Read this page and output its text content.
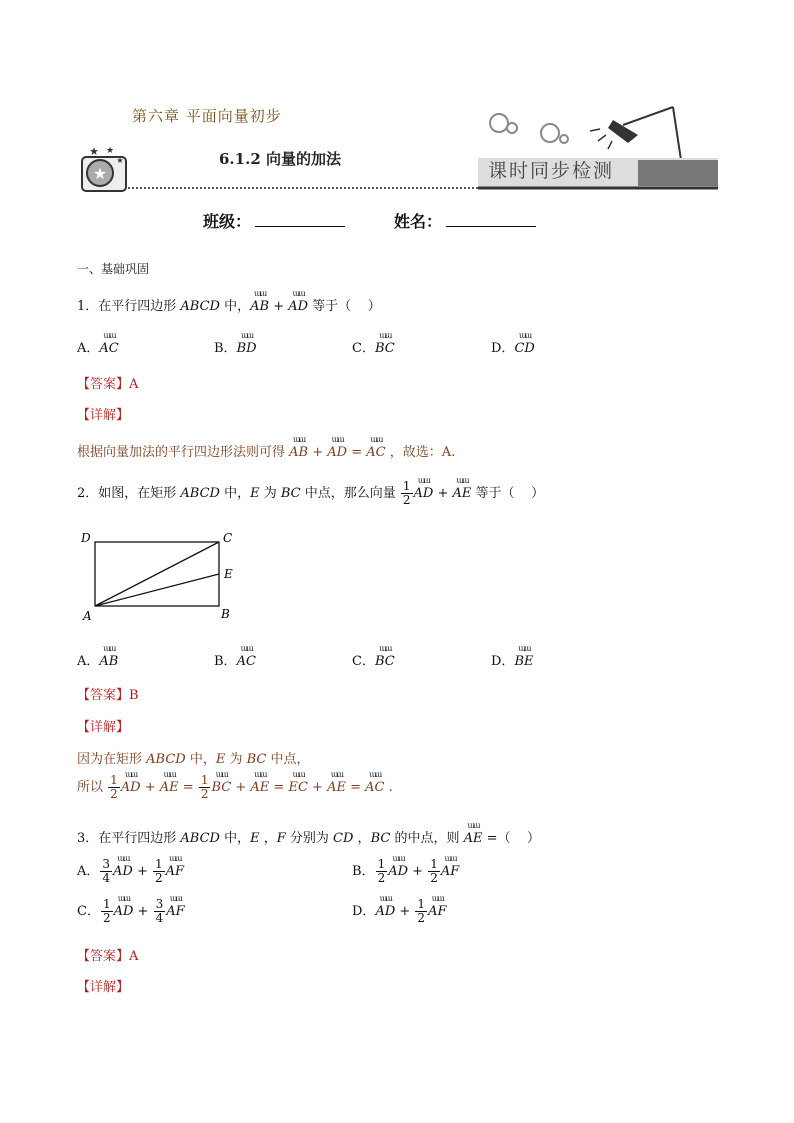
★
★ ★
★
第六章 平面向量初步
6.1.2 向量的加法
课时同步检测
班级：	姓名：
一、基础巩固
1．在平行四边形 ABCD 中，ɯɯ AB + ɯɯ AD 等于（    ）
A．ɯɯ AC	B．ɯɯ BD	C．ɯɯ BC	D．ɯɯ CD
【答案】A
【详解】
根据向量加法的平行四边形法则可得 ɯɯ AB + ɯɯ AD = ɯɯ AC ，故选：A.
2．如图，在矩形 ABCD 中，E 为 BC 中点，那么向量 $\frac{1}{2}$ ɯɯ AD + ɯɯ AE 等于（    ）
D	C
E
A	B
A．ɯɯ AB	B．ɯɯ AC	C．ɯɯ BC	D．ɯɯ BE
【答案】B
【详解】
因为在矩形 ABCD 中，E 为 BC 中点，
所以 $\frac{1}{2}$ ɯɯ AD + ɯɯ AE = $\frac{1}{2}$ ɯɯ BC + ɯɯ AE = ɯɯ EC + ɯɯ AE = ɯɯ AC .
3．在平行四边形 ABCD 中，E ，F 分别为 CD ，BC 的中点，则 ɯɯ AE =（    ）
A． $\frac{3}{4}$ ɯɯ AD + $\frac{1}{2}$ ɯɯ AF	B． $\frac{1}{2}$ ɯɯ AD + $\frac{1}{2}$ ɯɯ AF
C． $\frac{1}{2}$ ɯɯ AD + $\frac{3}{4}$ ɯɯ AF	D．ɯɯ AD + $\frac{1}{2}$ ɯɯ AF
【答案】A
【详解】
